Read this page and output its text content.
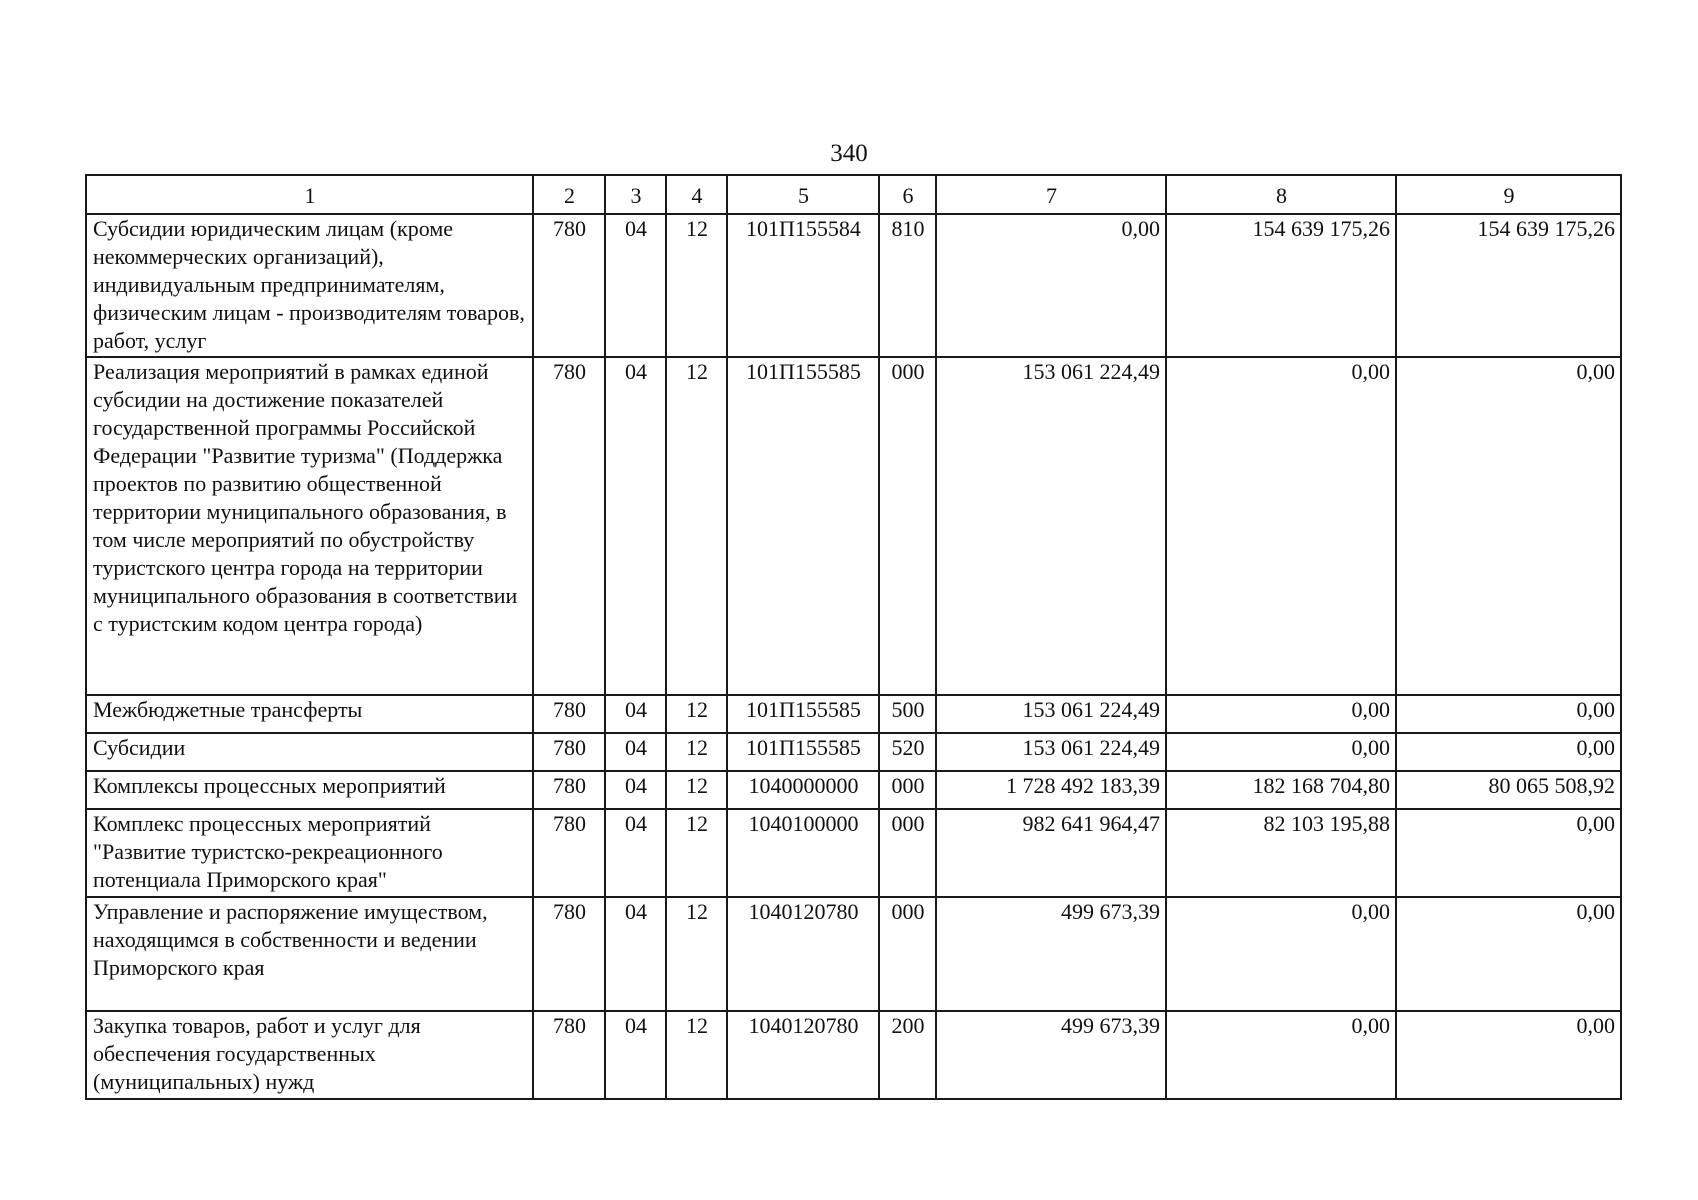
340
1	2	3	4	5	6	7	8	9
Субсидии юридическим лицам (кроме некоммерческих организаций), индивидуальным предпринимателям, физическим лицам - производителям товаров, работ, услуг	780	04	12	101П155584	810	0,00	154 639 175,26	154 639 175,26
Реализация мероприятий в рамках единой субсидии на достижение показателей государственной программы Российской Федерации "Развитие туризма" (Поддержка проектов по развитию общественной территории муниципального образования, в том числе мероприятий по обустройству туристского центра города на территории муниципального образования в соответствии с туристским кодом центра города)	780	04	12	101П155585	000	153 061 224,49	0,00	0,00
Межбюджетные трансферты	780	04	12	101П155585	500	153 061 224,49	0,00	0,00
Субсидии	780	04	12	101П155585	520	153 061 224,49	0,00	0,00
Комплексы процессных мероприятий	780	04	12	1040000000	000	1 728 492 183,39	182 168 704,80	80 065 508,92
Комплекс процессных мероприятий "Развитие туристско-рекреационного потенциала Приморского края"	780	04	12	1040100000	000	982 641 964,47	82 103 195,88	0,00
Управление и распоряжение имуществом, находящимся в собственности и ведении Приморского края	780	04	12	1040120780	000	499 673,39	0,00	0,00
Закупка товаров, работ и услуг для обеспечения государственных (муниципальных) нужд	780	04	12	1040120780	200	499 673,39	0,00	0,00
